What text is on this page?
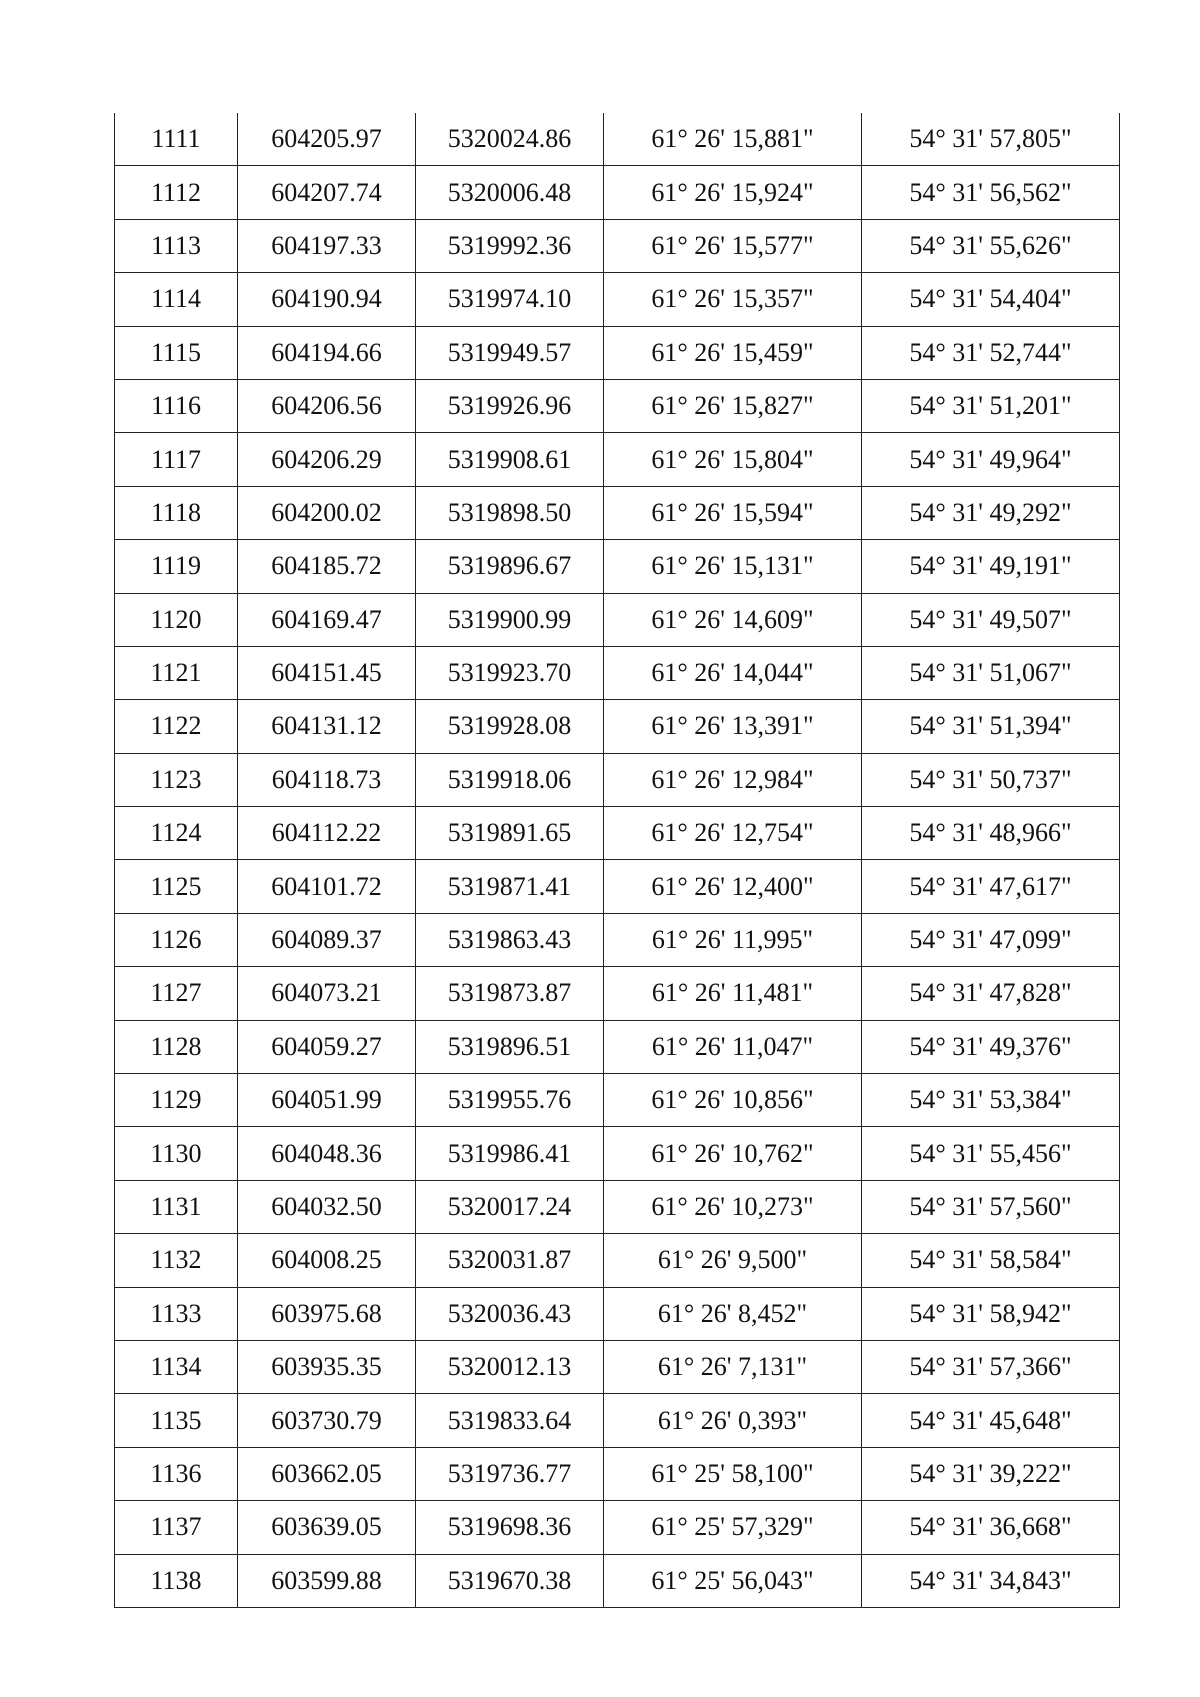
1111	604205.97	5320024.86	61° 26' 15,881"	54° 31' 57,805"
1112	604207.74	5320006.48	61° 26' 15,924"	54° 31' 56,562"
1113	604197.33	5319992.36	61° 26' 15,577"	54° 31' 55,626"
1114	604190.94	5319974.10	61° 26' 15,357"	54° 31' 54,404"
1115	604194.66	5319949.57	61° 26' 15,459"	54° 31' 52,744"
1116	604206.56	5319926.96	61° 26' 15,827"	54° 31' 51,201"
1117	604206.29	5319908.61	61° 26' 15,804"	54° 31' 49,964"
1118	604200.02	5319898.50	61° 26' 15,594"	54° 31' 49,292"
1119	604185.72	5319896.67	61° 26' 15,131"	54° 31' 49,191"
1120	604169.47	5319900.99	61° 26' 14,609"	54° 31' 49,507"
1121	604151.45	5319923.70	61° 26' 14,044"	54° 31' 51,067"
1122	604131.12	5319928.08	61° 26' 13,391"	54° 31' 51,394"
1123	604118.73	5319918.06	61° 26' 12,984"	54° 31' 50,737"
1124	604112.22	5319891.65	61° 26' 12,754"	54° 31' 48,966"
1125	604101.72	5319871.41	61° 26' 12,400"	54° 31' 47,617"
1126	604089.37	5319863.43	61° 26' 11,995"	54° 31' 47,099"
1127	604073.21	5319873.87	61° 26' 11,481"	54° 31' 47,828"
1128	604059.27	5319896.51	61° 26' 11,047"	54° 31' 49,376"
1129	604051.99	5319955.76	61° 26' 10,856"	54° 31' 53,384"
1130	604048.36	5319986.41	61° 26' 10,762"	54° 31' 55,456"
1131	604032.50	5320017.24	61° 26' 10,273"	54° 31' 57,560"
1132	604008.25	5320031.87	61° 26' 9,500"	54° 31' 58,584"
1133	603975.68	5320036.43	61° 26' 8,452"	54° 31' 58,942"
1134	603935.35	5320012.13	61° 26' 7,131"	54° 31' 57,366"
1135	603730.79	5319833.64	61° 26' 0,393"	54° 31' 45,648"
1136	603662.05	5319736.77	61° 25' 58,100"	54° 31' 39,222"
1137	603639.05	5319698.36	61° 25' 57,329"	54° 31' 36,668"
1138	603599.88	5319670.38	61° 25' 56,043"	54° 31' 34,843"
